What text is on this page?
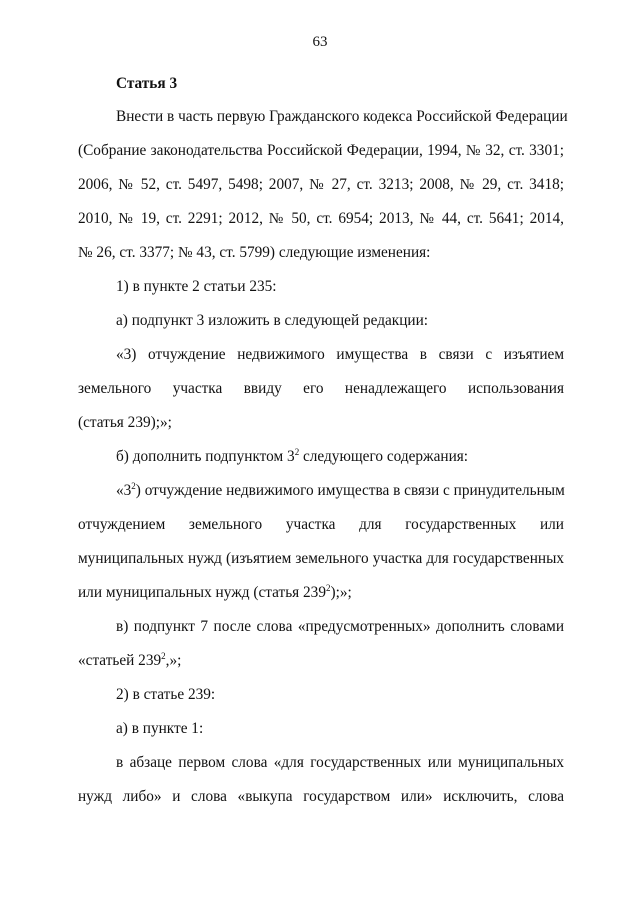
63
Статья 3
Внести в часть первую Гражданского кодекса Российской Федерации
(Собрание законодательства Российской Федерации, 1994, № 32, ст. 3301;
2006, № 52, ст. 5497, 5498; 2007, № 27, ст. 3213; 2008, № 29, ст. 3418;
2010, № 19, ст. 2291; 2012, № 50, ст. 6954; 2013, № 44, ст. 5641; 2014,
№ 26, ст. 3377; № 43, ст. 5799) следующие изменения:
1) в пункте 2 статьи 235:
а) подпункт 3 изложить в следующей редакции:
«3) отчуждение недвижимого имущества в связи с изъятием
земельного участка ввиду его ненадлежащего использования
(статья 239);»;
б) дополнить подпунктом $3^2$ следующего содержания:
«$3^2$) отчуждение недвижимого имущества в связи с принудительным
отчуждением земельного участка для государственных или
муниципальных нужд (изъятием земельного участка для государственных
или муниципальных нужд (статья $239^2$);»;
в) подпункт 7 после слова «предусмотренных» дополнить словами
«статьей $239^2$,»;
2) в статье 239:
а) в пункте 1:
в абзаце первом слова «для государственных или муниципальных
нужд либо» и слова «выкупа государством или» исключить, слова
